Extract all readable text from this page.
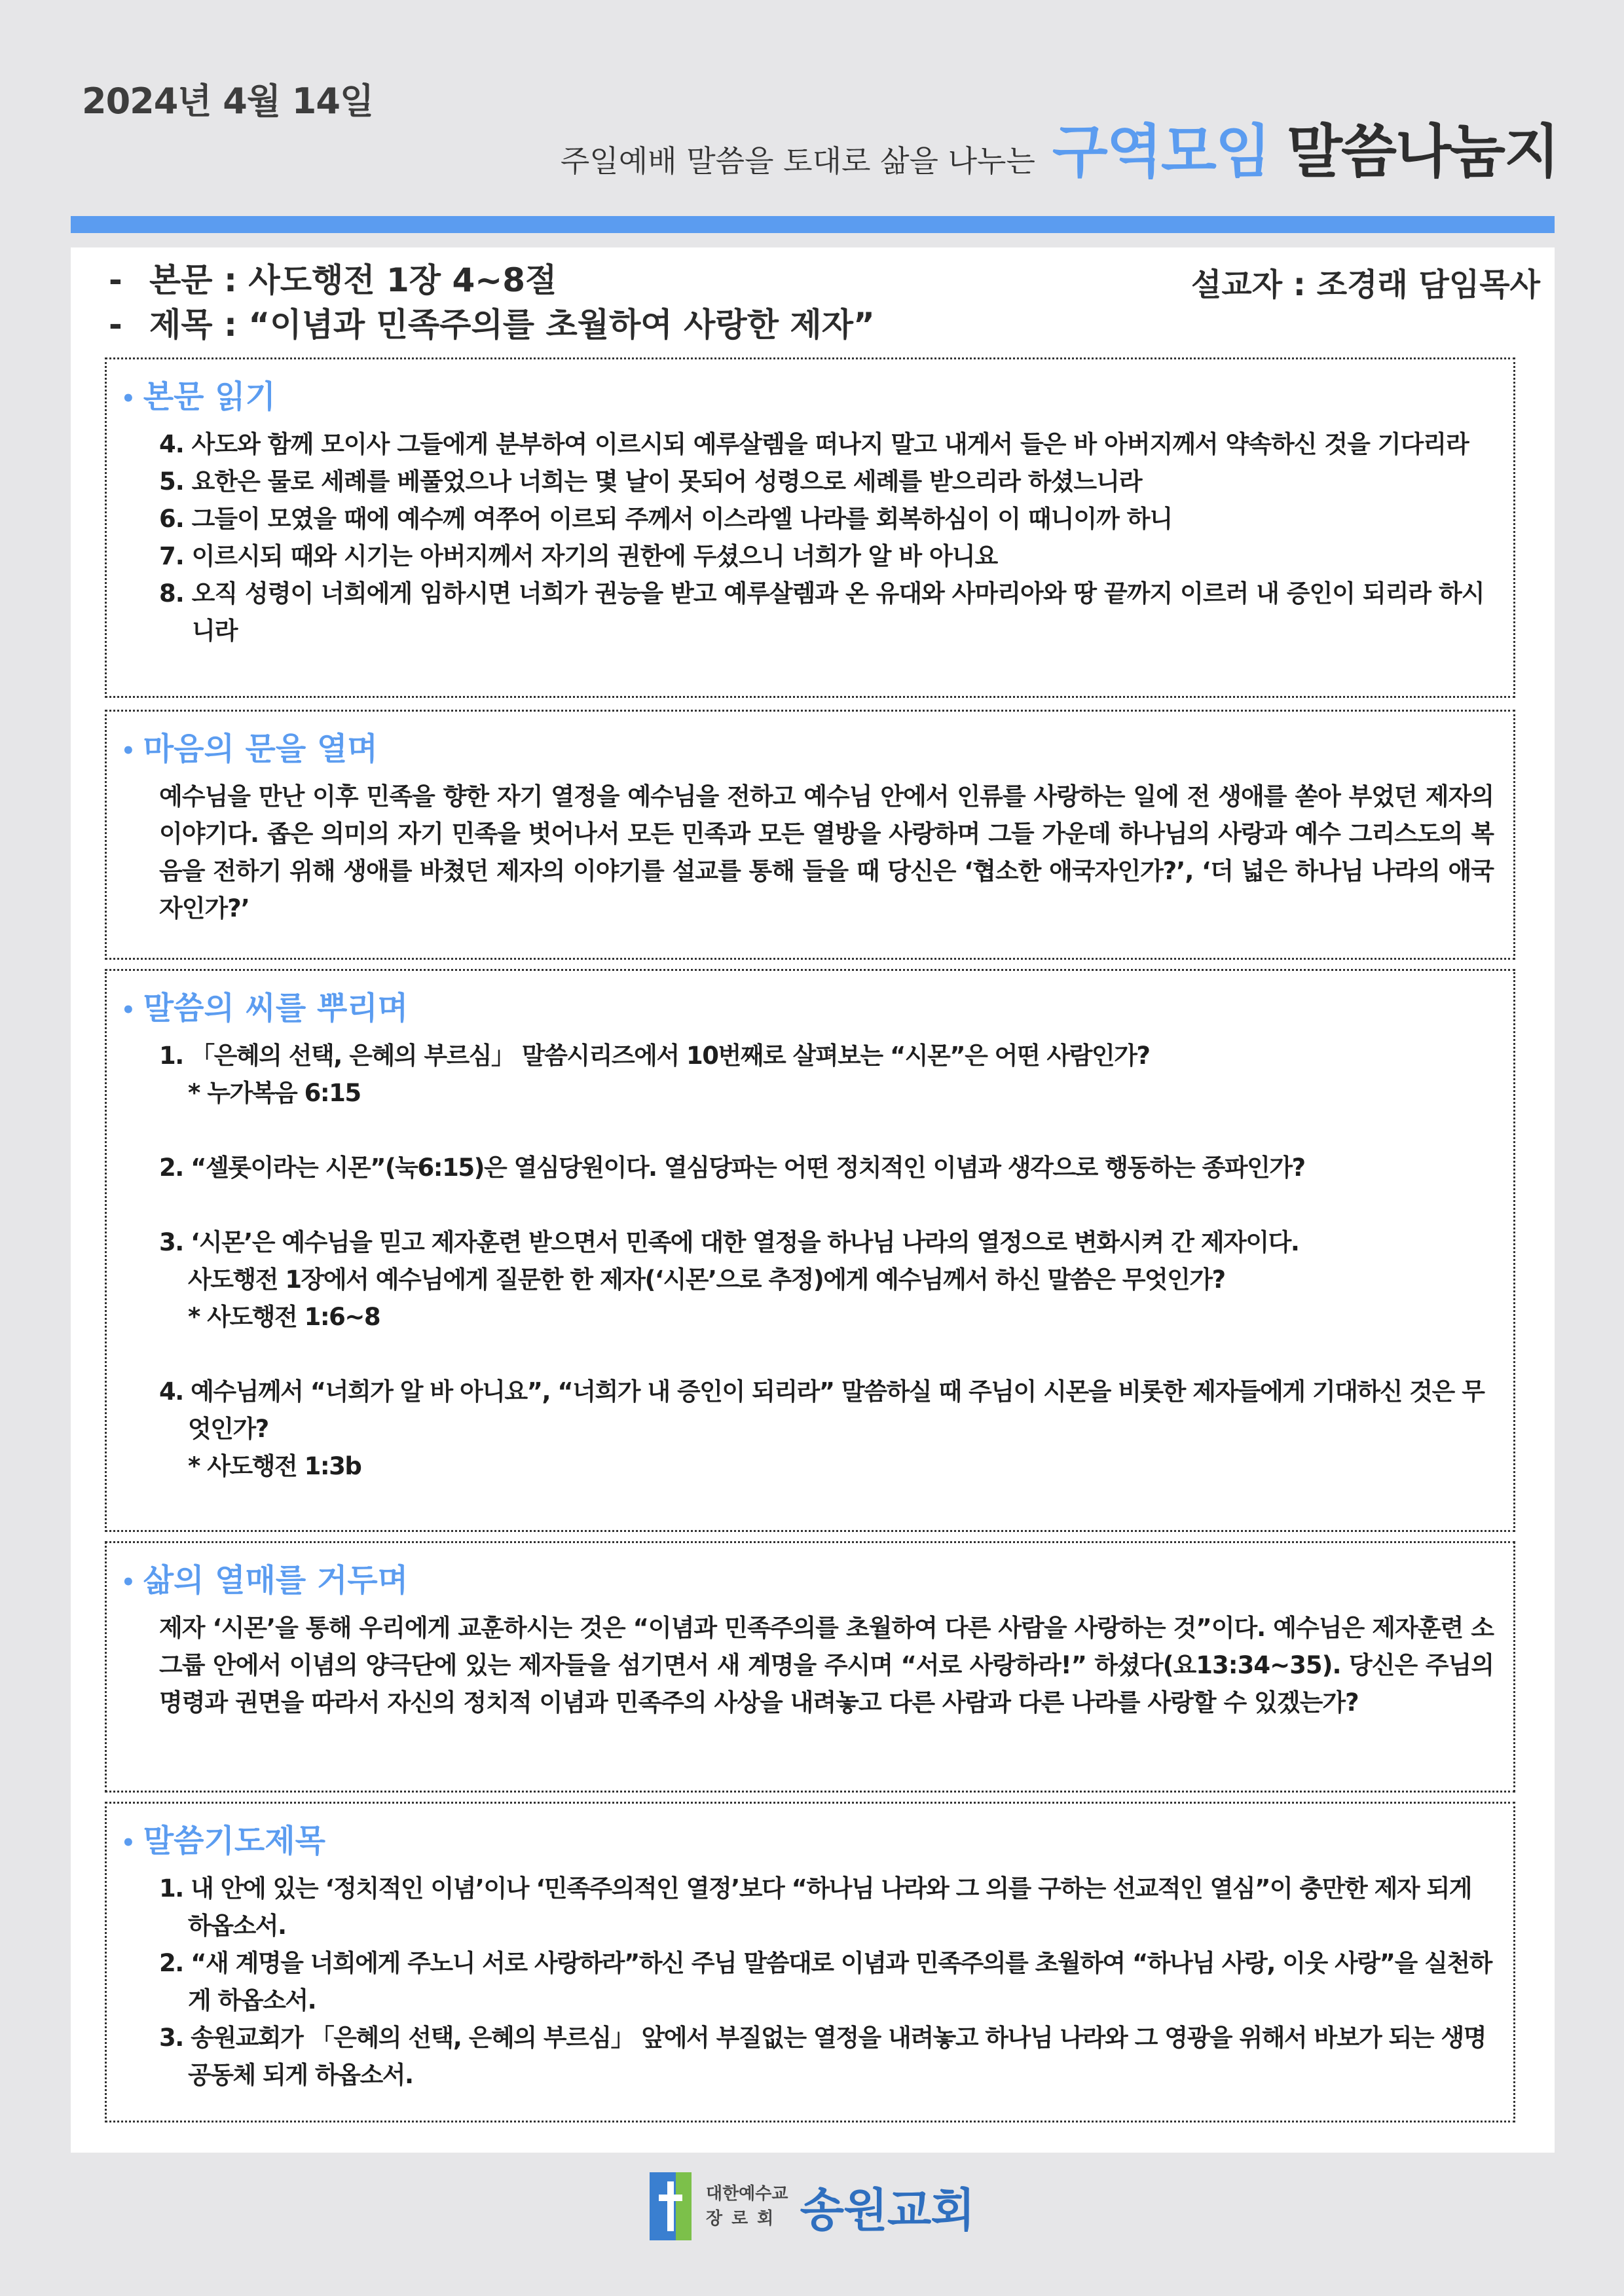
2024년 4월 14일
주일예배 말씀을 토대로 삶을 나누는 구역모임 말씀나눔지
- 본문 : 사도행전 1장 4~8절
- 제목 : “이념과 민족주의를 초월하여 사랑한 제자”
설교자 : 조경래 담임목사
• 본문 읽기
4. 사도와 함께 모이사 그들에게 분부하여 이르시되 예루살렘을 떠나지 말고 내게서 들은 바 아버지께서 약속하신 것을 기다리라
5. 요한은 물로 세례를 베풀었으나 너희는 몇 날이 못되어 성령으로 세례를 받으리라 하셨느니라
6. 그들이 모였을 때에 예수께 여쭈어 이르되 주께서 이스라엘 나라를 회복하심이 이 때니이까 하니
7. 이르시되 때와 시기는 아버지께서 자기의 권한에 두셨으니 너희가 알 바 아니요
8. 오직 성령이 너희에게 임하시면 너희가 권능을 받고 예루살렘과 온 유대와 사마리아와 땅 끝까지 이르러 내 증인이 되리라 하시니라
• 마음의 문을 열며
예수님을 만난 이후 민족을 향한 자기 열정을 예수님을 전하고 예수님 안에서 인류를 사랑하는 일에 전 생애를 쏟아 부었던 제자의 이야기다. 좁은 의미의 자기 민족을 벗어나서 모든 민족과 모든 열방을 사랑하며 그들 가운데 하나님의 사랑과 예수 그리스도의 복음을 전하기 위해 생애를 바쳤던 제자의 이야기를 설교를 통해 들을 때 당신은 ‘협소한 애국자인가?’, ‘더 넓은 하나님 나라의 애국자인가?’
• 말씀의 씨를 뿌리며
1. 「은혜의 선택, 은혜의 부르심」 말씀시리즈에서 10번째로 살펴보는 “시몬”은 어떤 사람인가?
* 누가복음 6:15
2. “셀롯이라는 시몬”(눅6:15)은 열심당원이다. 열심당파는 어떤 정치적인 이념과 생각으로 행동하는 종파인가?
3. ‘시몬’은 예수님을 믿고 제자훈련 받으면서 민족에 대한 열정을 하나님 나라의 열정으로 변화시켜 간 제자이다.
사도행전 1장에서 예수님에게 질문한 한 제자(‘시몬’으로 추정)에게 예수님께서 하신 말씀은 무엇인가?
* 사도행전 1:6~8
4. 예수님께서 “너희가 알 바 아니요”, “너희가 내 증인이 되리라” 말씀하실 때 주님이 시몬을 비롯한 제자들에게 기대하신 것은 무엇인가?
* 사도행전 1:3b
• 삶의 열매를 거두며
제자 ‘시몬’을 통해 우리에게 교훈하시는 것은 “이념과 민족주의를 초월하여 다른 사람을 사랑하는 것”이다. 예수님은 제자훈련 소그룹 안에서 이념의 양극단에 있는 제자들을 섬기면서 새 계명을 주시며 “서로 사랑하라!” 하셨다(요13:34~35). 당신은 주님의 명령과 권면을 따라서 자신의 정치적 이념과 민족주의 사상을 내려놓고 다른 사람과 다른 나라를 사랑할 수 있겠는가?
• 말씀기도제목
1. 내 안에 있는 ‘정치적인 이념’이나 ‘민족주의적인 열정’보다 “하나님 나라와 그 의를 구하는 선교적인 열심”이 충만한 제자 되게 하옵소서.
2. “새 계명을 너희에게 주노니 서로 사랑하라”하신 주님 말씀대로 이념과 민족주의를 초월하여 “하나님 사랑, 이웃 사랑”을 실천하게 하옵소서.
3. 송원교회가 「은혜의 선택, 은혜의 부르심」 앞에서 부질없는 열정을 내려놓고 하나님 나라와 그 영광을 위해서 바보가 되는 생명공동체 되게 하옵소서.
대한예수교
장로회 송원교회
